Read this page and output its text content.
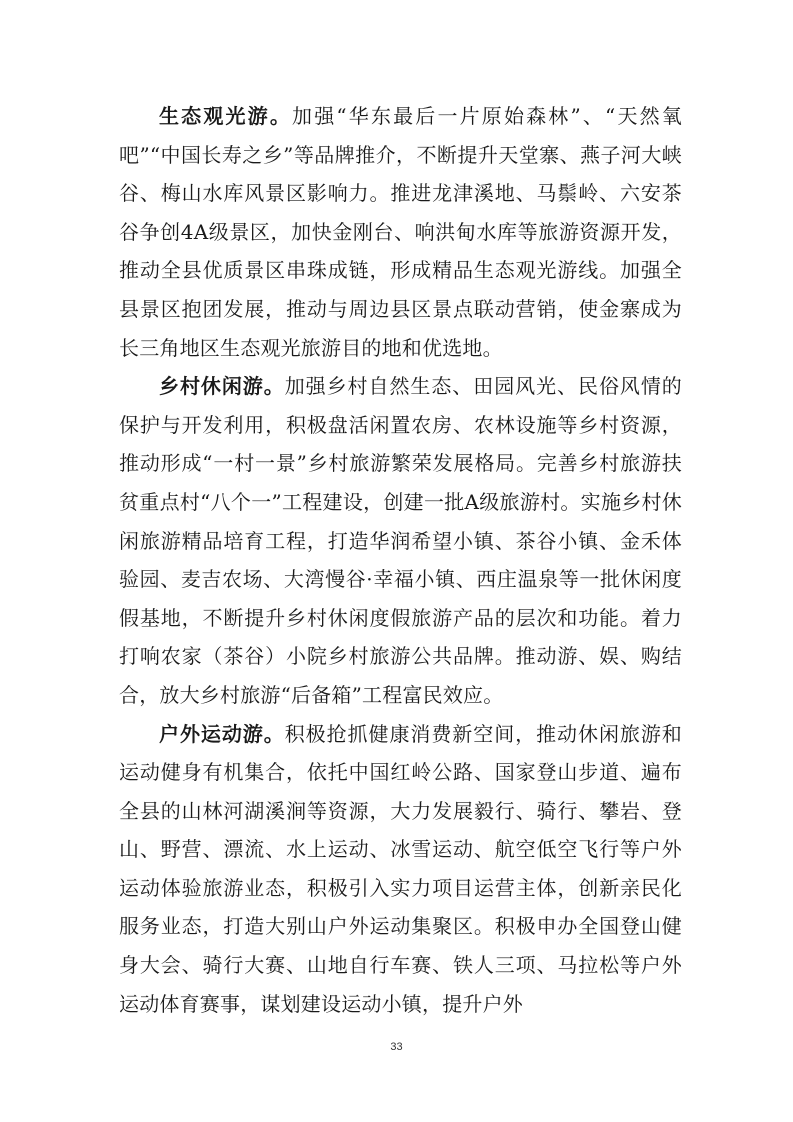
生态观光游。加强“华东最后一片原始森林”、“天然氧吧”“中国长寿之乡”等品牌推介，不断提升天堂寨、燕子河大峡谷、梅山水库风景区影响力。推进龙津溪地、马鬃岭、六安茶谷争创4A级景区，加快金刚台、响洪甸水库等旅游资源开发，推动全县优质景区串珠成链，形成精品生态观光游线。加强全县景区抱团发展，推动与周边县区景点联动营销，使金寨成为长三角地区生态观光旅游目的地和优选地。

乡村休闲游。加强乡村自然生态、田园风光、民俗风情的保护与开发利用，积极盘活闲置农房、农林设施等乡村资源，推动形成“一村一景”乡村旅游繁荣发展格局。完善乡村旅游扶贫重点村“八个一”工程建设，创建一批A级旅游村。实施乡村休闲旅游精品培育工程，打造华润希望小镇、茶谷小镇、金禾体验园、麦吉农场、大湾慢谷·幸福小镇、西庄温泉等一批休闲度假基地，不断提升乡村休闲度假旅游产品的层次和功能。着力打响农家（茶谷）小院乡村旅游公共品牌。推动游、娱、购结合，放大乡村旅游“后备箱”工程富民效应。

户外运动游。积极抢抓健康消费新空间，推动休闲旅游和运动健身有机集合，依托中国红岭公路、国家登山步道、遍布全县的山林河湖溪涧等资源，大力发展毅行、骑行、攀岩、登山、野营、漂流、水上运动、冰雪运动、航空低空飞行等户外运动体验旅游业态，积极引入实力项目运营主体，创新亲民化服务业态，打造大别山户外运动集聚区。积极申办全国登山健身大会、骑行大赛、山地自行车赛、铁人三项、马拉松等户外运动体育赛事，谋划建设运动小镇，提升户外

33
